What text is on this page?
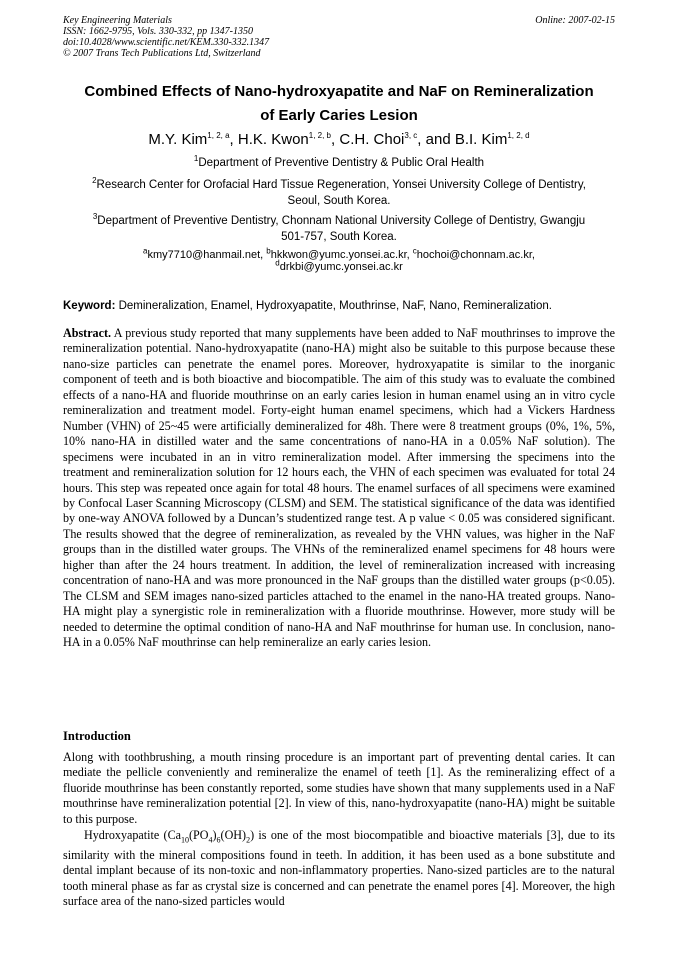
Key Engineering Materials
ISSN: 1662-9795, Vols. 330-332, pp 1347-1350
doi:10.4028/www.scientific.net/KEM.330-332.1347
© 2007 Trans Tech Publications Ltd, Switzerland
Online: 2007-02-15
Combined Effects of Nano-hydroxyapatite and NaF on Remineralization
of Early Caries Lesion
M.Y. Kim$^{1, 2, a}$, H.K. Kwon$^{1, 2, b}$, C.H. Choi$^{3, c}$, and B.I. Kim$^{1, 2, d}$
$^1$Department of Preventive Dentistry & Public Oral Health
$^2$Research Center for Orofacial Hard Tissue Regeneration, Yonsei University College of Dentistry,
Seoul, South Korea.
$^3$Department of Preventive Dentistry, Chonnam National University College of Dentistry, Gwangju
501-757, South Korea.
$^a$kmy7710@hanmail.net, $^b$hkkwon@yumc.yonsei.ac.kr, $^c$hochoi@chonnam.ac.kr,
$^d$drkbi@yumc.yonsei.ac.kr
Keyword: Demineralization, Enamel, Hydroxyapatite, Mouthrinse, NaF, Nano, Remineralization.

Abstract. A previous study reported that many supplements have been added to NaF mouthrinses to improve the remineralization potential. Nano-hydroxyapatite (nano-HA) might also be suitable to this purpose because these nano-size particles can penetrate the enamel pores. Moreover, hydroxyapatite is similar to the inorganic component of teeth and is both bioactive and biocompatible. The aim of this study was to evaluate the combined effects of a nano-HA and fluoride mouthrinse on an early caries lesion in human enamel using an in vitro cycle remineralization and treatment model. Forty-eight human enamel specimens, which had a Vickers Hardness Number (VHN) of 25~45 were artificially demineralized for 48h. There were 8 treatment groups (0%, 1%, 5%, 10% nano-HA in distilled water and the same concentrations of nano-HA in a 0.05% NaF solution). The specimens were incubated in an in vitro remineralization model. After immersing the specimens into the treatment and remineralization solution for 12 hours each, the VHN of each specimen was evaluated for total 24 hours. This step was repeated once again for total 48 hours. The enamel surfaces of all specimens were examined by Confocal Laser Scanning Microscopy (CLSM) and SEM. The statistical significance of the data was identified by one-way ANOVA followed by a Duncan’s studentized range test. A p value < 0.05 was considered significant. The results showed that the degree of remineralization, as revealed by the VHN values, was higher in the NaF groups than in the distilled water groups. The VHNs of the remineralized enamel specimens for 48 hours were higher than after the 24 hours treatment. In addition, the level of remineralization increased with increasing concentration of nano-HA and was more pronounced in the NaF groups than the distilled water groups (p<0.05). The CLSM and SEM images nano-sized particles attached to the enamel in the nano-HA treated groups. Nano-HA might play a synergistic role in remineralization with a fluoride mouthrinse. However, more study will be needed to determine the optimal condition of nano-HA and NaF mouthrinse for human use. In conclusion, nano-HA in a 0.05% NaF mouthrinse can help remineralize an early caries lesion.

Introduction

Along with toothbrushing, a mouth rinsing procedure is an important part of preventing dental caries. It can mediate the pellicle conveniently and remineralize the enamel of teeth [1]. As the remineralizing effect of a fluoride mouthrinse has been constantly reported, some studies have shown that many supplements used in a NaF mouthrinse have remineralization potential [2]. In view of this, nano-hydroxyapatite (nano-HA) might be suitable to this purpose.

Hydroxyapatite $(Ca_{10}(PO_4)_6(OH)_2)$ is one of the most biocompatible and bioactive materials [3], due to its similarity with the mineral compositions found in teeth. In addition, it has been used as a bone substitute and dental implant because of its non-toxic and non-inflammatory properties. Nano-sized particles are to the natural tooth mineral phase as far as crystal size is concerned and can penetrate the enamel pores [4]. Moreover, the high surface area of the nano-sized particles would
